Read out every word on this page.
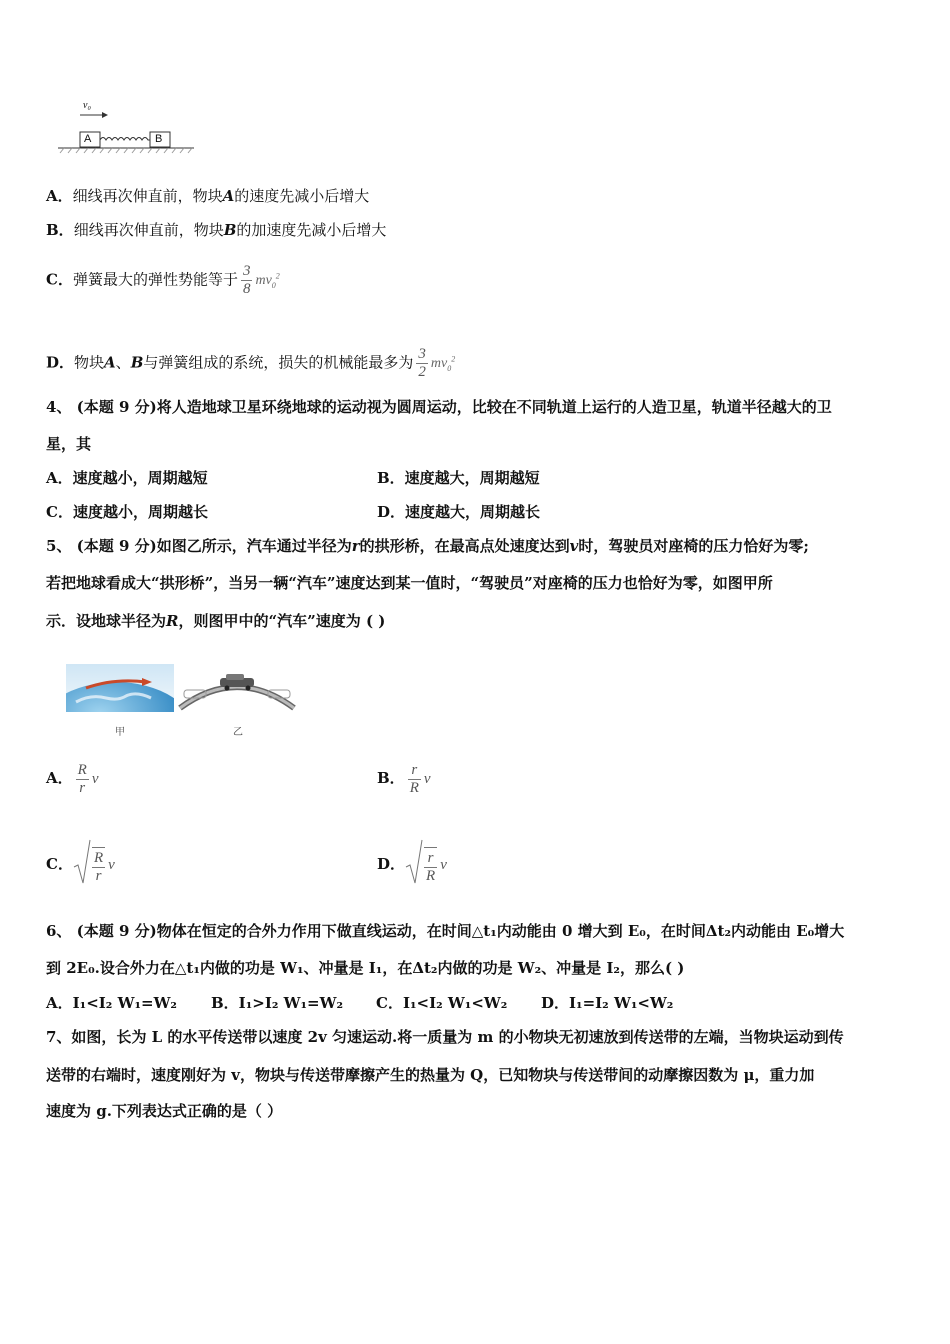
v₀
A	B
A．细线再次伸直前，物块A的速度先减小后增大
B．细线再次伸直前，物块B的加速度先减小后增大
C．弹簧最大的弹性势能等于 $\frac{3}{8} mv_0^2$
D．物块A、B与弹簧组成的系统，损失的机械能最多为 $\frac{3}{2} mv_0^2$
4、 (本题 9 分)将人造地球卫星环绕地球的运动视为圆周运动，比较在不同轨道上运行的人造卫星，轨道半径越大的卫
星，其
A．速度越小，周期越短	B．速度越大，周期越短
C．速度越小，周期越长	D．速度越大，周期越长
5、 (本题 9 分)如图乙所示，汽车通过半径为r的拱形桥，在最高点处速度达到v时，驾驶员对座椅的压力恰好为零;
若把地球看成大“拱形桥”，当另一辆“汽车”速度达到某一值时，“驾驶员”对座椅的压力也恰好为零，如图甲所
示．设地球半径为R，则图甲中的“汽车”速度为 ( )
甲	乙
A． $\frac{R}{r}$ v	B． $\frac{r}{R}$ v
C． $\frac{R}{r}$ v	D． $\frac{r}{R}$ v
6、 (本题 9 分)物体在恒定的合外力作用下做直线运动，在时间△t₁内动能由 0 增大到 E₀，在时间Δt₂内动能由 E₀增大
到 2E₀.设合外力在△t₁内做的功是 W₁、冲量是 I₁，在Δt₂内做的功是 W₂、冲量是 I₂，那么( )
A．I₁<I₂ W₁=W₂ B．I₁>I₂ W₁=W₂ C．I₁<I₂ W₁<W₂ D．I₁=I₂ W₁<W₂
7、如图，长为 L 的水平传送带以速度 2v 匀速运动.将一质量为 m 的小物块无初速放到传送带的左端，当物块运动到传
送带的右端时，速度刚好为 v，物块与传送带摩擦产生的热量为 Q，已知物块与传送带间的动摩擦因数为 μ，重力加
速度为 g.下列表达式正确的是（ ）
